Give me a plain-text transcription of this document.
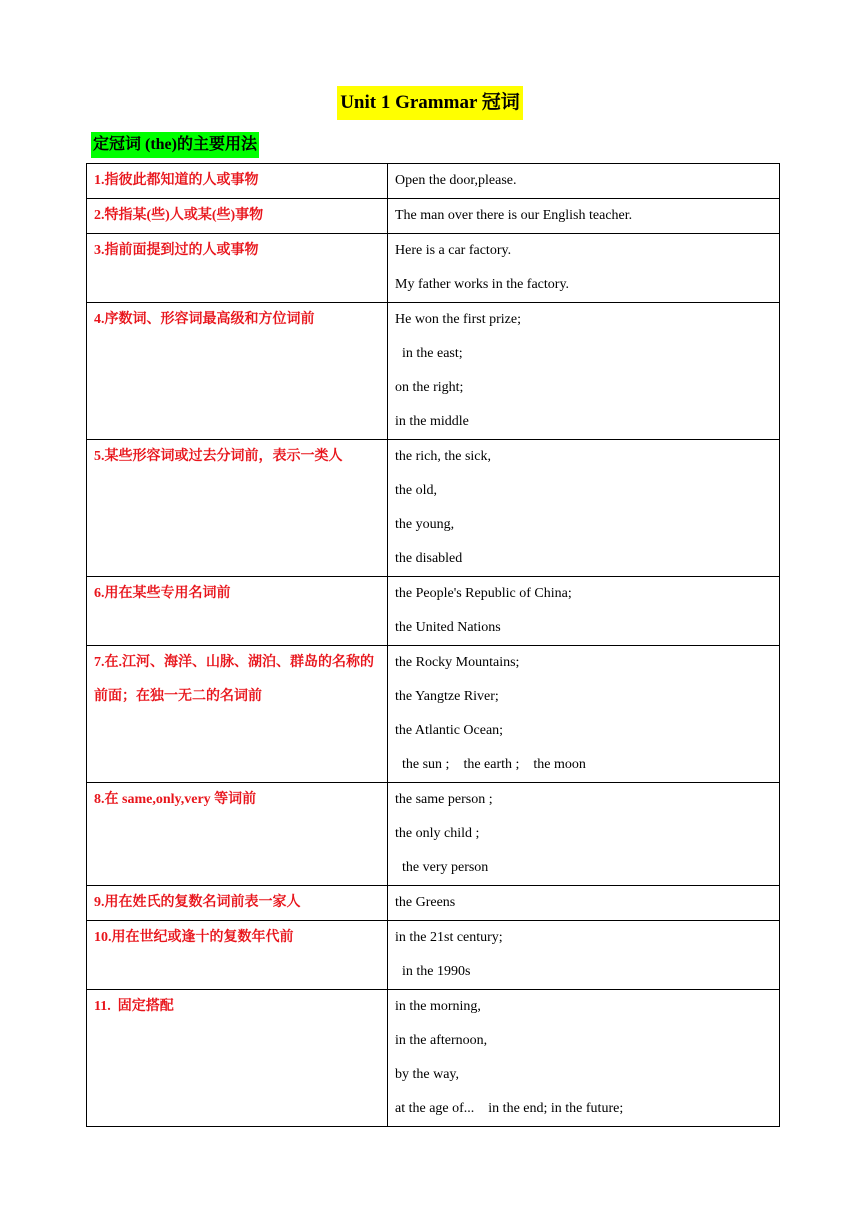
Unit 1 Grammar 冠词
定冠词 (the)的主要用法
1.指彼此都知道的人或事物	Open the door,please.

2.特指某(些)人或某(些)事物	The man over there is our English teacher.

3.指前面提到过的人或事物	Here is a car factory.
My father works in the factory.

4.序数词、形容词最高级和方位词前	He won the first prize;
in the east;
on the right;
in the middle

5.某些形容词或过去分词前，表示一类人	the rich, the sick,
the old,
the young,
the disabled

6.用在某些专用名词前	the People's Republic of China;
the United Nations

7.在.江河、海洋、山脉、湖泊、群岛的名称的前面；在独一无二的名词前	the Rocky Mountains;
the Yangtze River;
the Atlantic Ocean;
the sun ;    the earth ;    the moon

8.在 same,only,very 等词前	the same person ;
the only child ;
the very person

9.用在姓氏的复数名词前表一家人	the Greens

10.用在世纪或逢十的复数年代前	in the 21st century;
in the 1990s

11.  固定搭配	in the morning,
in the afternoon,
by the way,
at the age of...    in the end; in the future;
